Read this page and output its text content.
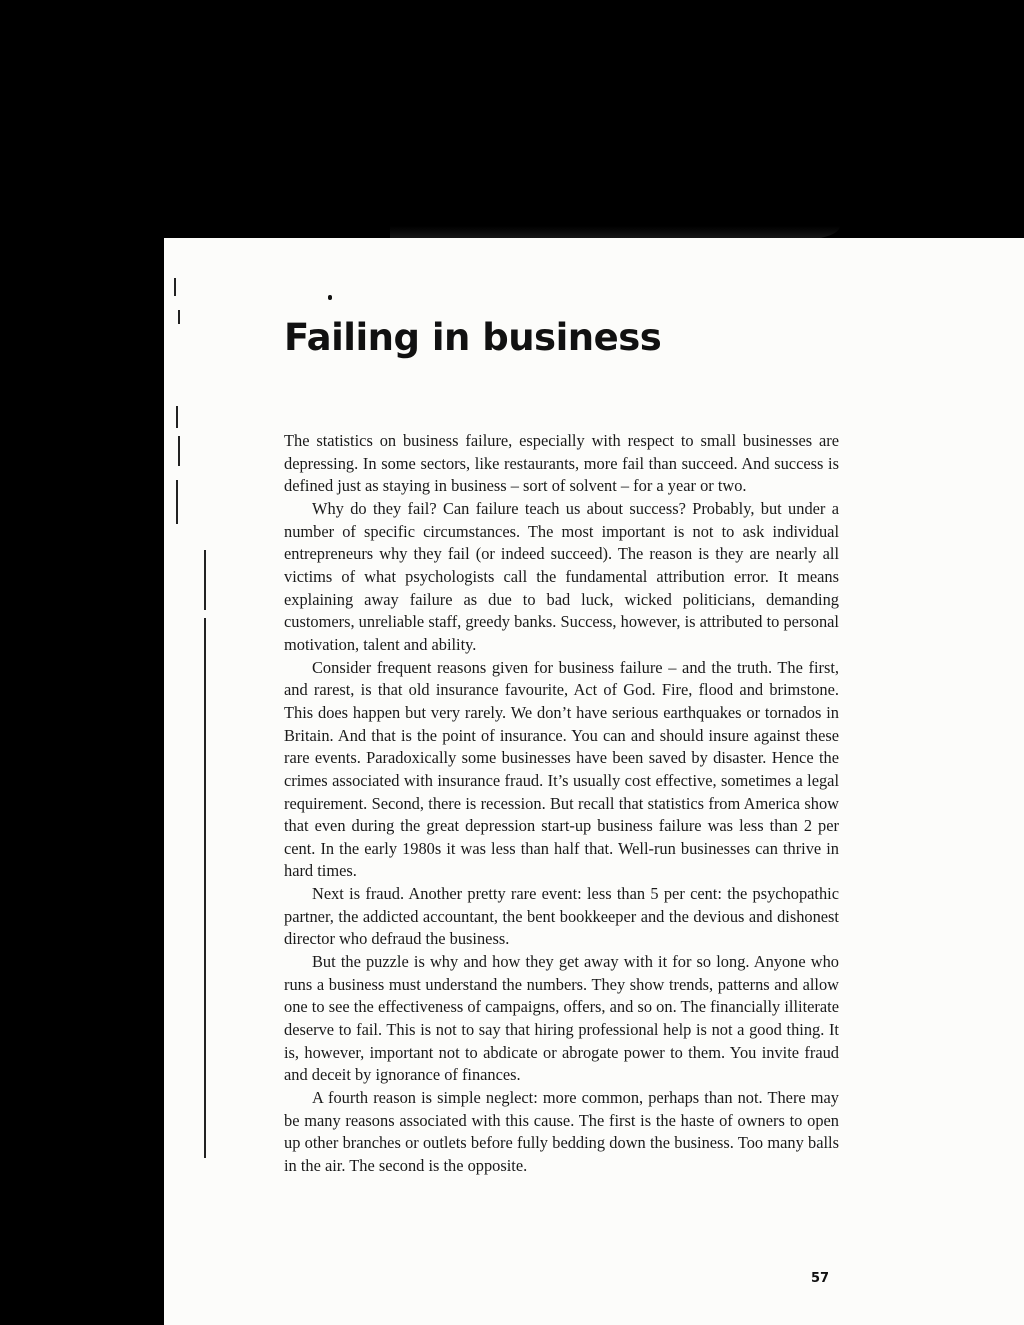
Failing in business

The statistics on business failure, especially with respect to small businesses are depressing. In some sectors, like restaurants, more fail than succeed. And success is defined just as staying in business – sort of solvent – for a year or two.

Why do they fail? Can failure teach us about success? Probably, but under a number of specific circumstances. The most important is not to ask individual entrepreneurs why they fail (or indeed succeed). The reason is they are nearly all victims of what psychologists call the fundamental attribution error. It means explaining away failure as due to bad luck, wicked politicians, demanding customers, unreliable staff, greedy banks. Success, however, is attributed to personal motivation, talent and ability.

Consider frequent reasons given for business failure – and the truth. The first, and rarest, is that old insurance favourite, Act of God. Fire, flood and brimstone. This does happen but very rarely. We don’t have serious earthquakes or tornados in Britain. And that is the point of insurance. You can and should insure against these rare events. Paradoxically some businesses have been saved by disaster. Hence the crimes associated with insurance fraud. It’s usually cost effective, sometimes a legal requirement. Second, there is recession. But recall that statistics from America show that even during the great depression start-up business failure was less than 2 per cent. In the early 1980s it was less than half that. Well-run businesses can thrive in hard times.

Next is fraud. Another pretty rare event: less than 5 per cent: the psychopathic partner, the addicted accountant, the bent bookkeeper and the devious and dishonest director who defraud the business.

But the puzzle is why and how they get away with it for so long. Anyone who runs a business must understand the numbers. They show trends, patterns and allow one to see the effectiveness of campaigns, offers, and so on. The financially illiterate deserve to fail. This is not to say that hiring professional help is not a good thing. It is, however, important not to abdicate or abrogate power to them. You invite fraud and deceit by ignorance of finances.

A fourth reason is simple neglect: more common, perhaps than not. There may be many reasons associated with this cause. The first is the haste of owners to open up other branches or outlets before fully bedding down the business. Too many balls in the air. The second is the opposite.

57
